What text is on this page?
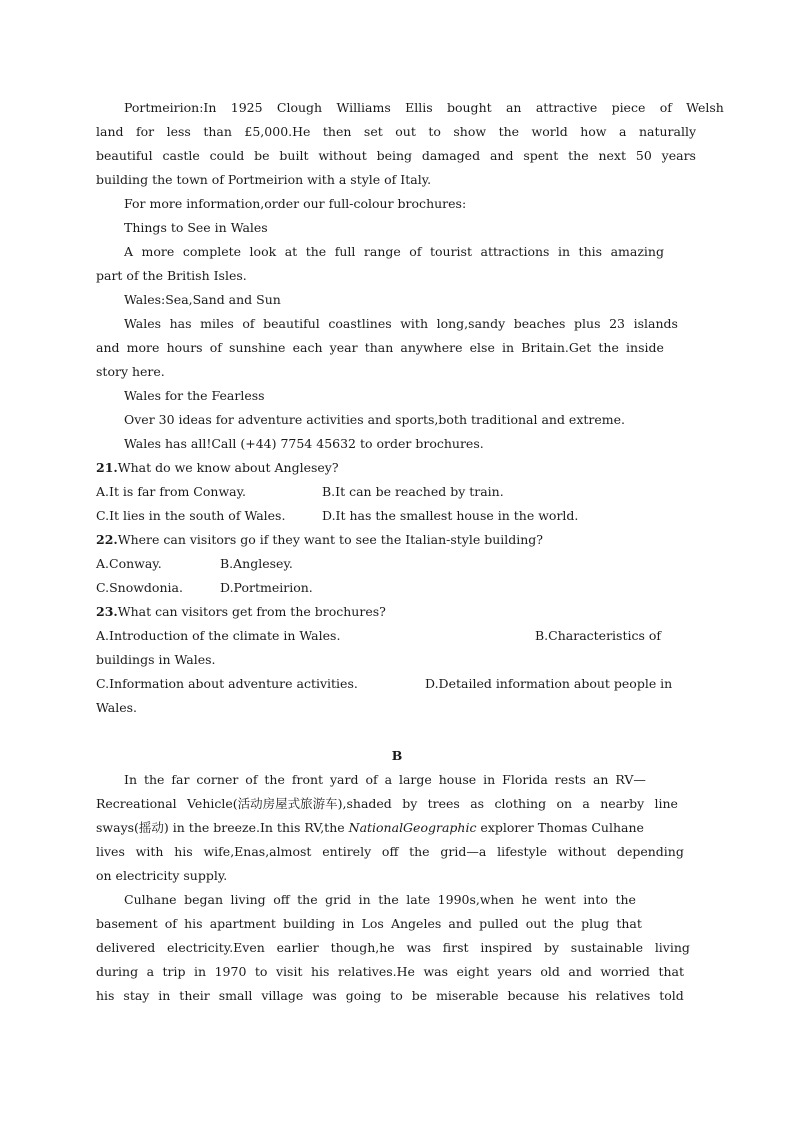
Portmeirion:In 1925 Clough Williams Ellis bought an attractive piece of Welsh
land for less than £5,000.He then set out to show the world how a naturally
beautiful castle could be built without being damaged and spent the next 50 years
building the town of Portmeirion with a style of Italy.
For more information,order our full-colour brochures:
Things to See in Wales
A more complete look at the full range of tourist attractions in this amazing
part of the British Isles.
Wales:Sea,Sand and Sun
Wales has miles of beautiful coastlines with long,sandy beaches plus 23 islands
and more hours of sunshine each year than anywhere else in Britain.Get the inside
story here.
Wales for the Fearless
Over 30 ideas for adventure activities and sports,both traditional and extreme.
Wales has all!Call (+44) 7754 45632 to order brochures.
21.What do we know about Anglesey?
A.It is far from Conway.	B.It can be reached by train.
C.It lies in the south of Wales.	D.It has the smallest house in the world.
22.Where can visitors go if they want to see the Italian-style building?
A.Conway.	B.Anglesey.
C.Snowdonia.	D.Portmeirion.
23.What can visitors get from the brochures?
A.Introduction of the climate in Wales.	B.Characteristics of
buildings in Wales.
C.Information about adventure activities.	D.Detailed information about people in
Wales.
B
In the far corner of the front yard of a large house in Florida rests an RV—
Recreational Vehicle(活动房屋式旅游车),shaded by trees as clothing on a nearby line
sways(摇动) in the breeze.In this RV,the NationalGeographic explorer Thomas Culhane
lives with his wife,Enas,almost entirely off the grid—a lifestyle without depending
on electricity supply.
Culhane began living off the grid in the late 1990s,when he went into the
basement of his apartment building in Los Angeles and pulled out the plug that
delivered electricity.Even earlier though,he was first inspired by sustainable living
during a trip in 1970 to visit his relatives.He was eight years old and worried that
his stay in their small village was going to be miserable because his relatives told
